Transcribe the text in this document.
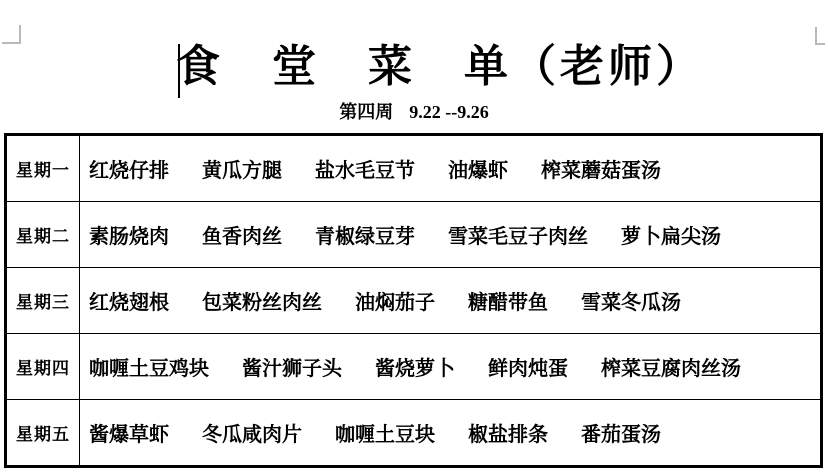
食　堂　菜　单（老师）
第四周 9.22 --9.26
星期一 红烧仔排 黄瓜方腿 盐水毛豆节 油爆虾 榨菜蘑菇蛋汤
星期二 素肠烧肉 鱼香肉丝 青椒绿豆芽 雪菜毛豆子肉丝 萝卜扁尖汤
星期三 红烧翅根 包菜粉丝肉丝 油焖茄子 糖醋带鱼 雪菜冬瓜汤
星期四 咖喱土豆鸡块 酱汁狮子头 酱烧萝卜 鲜肉炖蛋 榨菜豆腐肉丝汤
星期五 酱爆草虾 冬瓜咸肉片 咖喱土豆块 椒盐排条 番茄蛋汤
